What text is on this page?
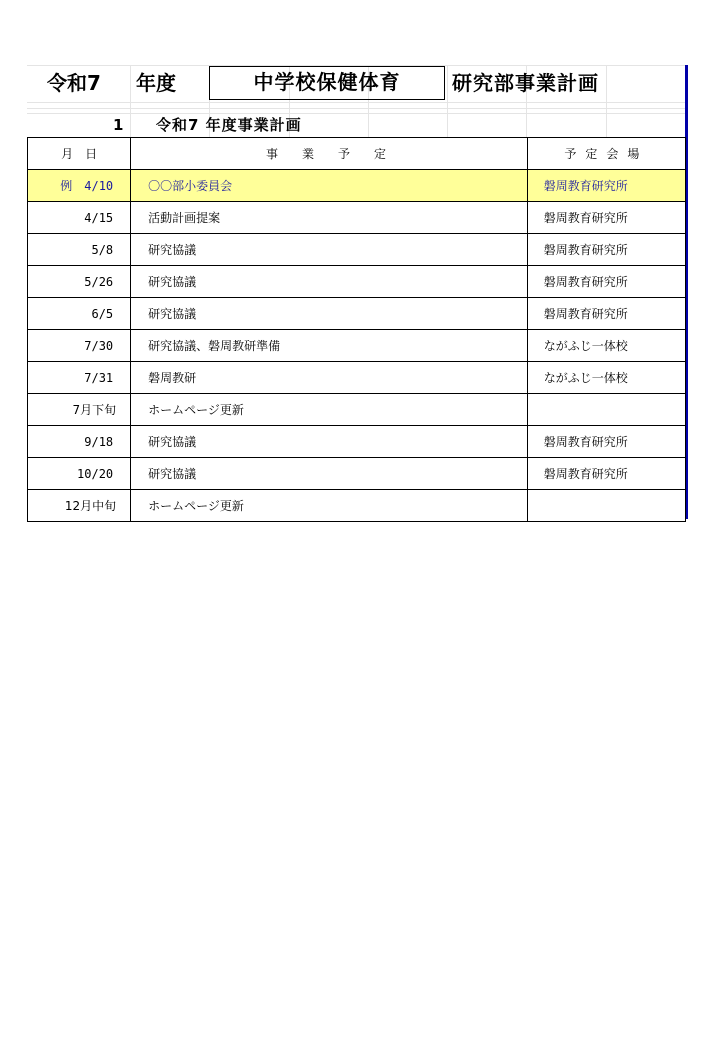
令和7 年度	中学校保健体育	研究部事業計画
1 令和7 年度事業計画
月　日	事　業　予　定	予定会場
例　4/10	〇〇部小委員会	磐周教育研究所
4/15	活動計画提案	磐周教育研究所
5/8	研究協議	磐周教育研究所
5/26	研究協議	磐周教育研究所
6/5	研究協議	磐周教育研究所
7/30	研究協議、磐周教研準備	ながふじ一体校
7/31	磐周教研	ながふじ一体校
7月下旬	ホームページ更新	
9/18	研究協議	磐周教育研究所
10/20	研究協議	磐周教育研究所
12月中旬	ホームページ更新	
